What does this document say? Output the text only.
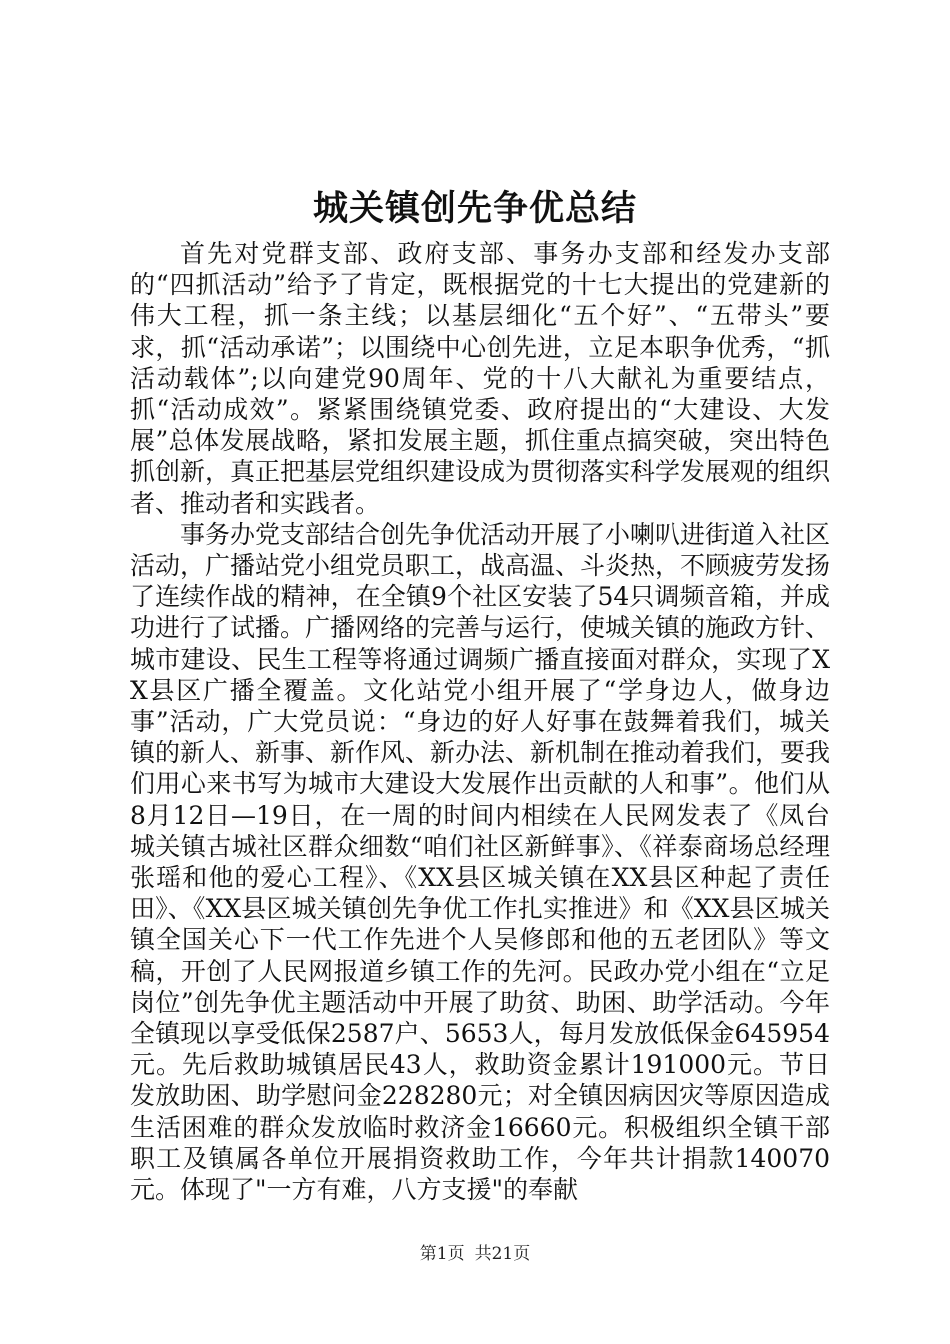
城关镇创先争优总结

首先对党群支部、政府支部、事务办支部和经发办支部的“四抓活动”给予了肯定，既根据党的十七大提出的党建新的伟大工程，抓一条主线；以基层细化“五个好”、“五带头”要求，抓“活动承诺”；以围绕中心创先进，立足本职争优秀，“抓活动载体”;以向建党90周年、党的十八大献礼为重要结点，抓“活动成效”。紧紧围绕镇党委、政府提出的“大建设、大发展”总体发展战略，紧扣发展主题，抓住重点搞突破，突出特色抓创新，真正把基层党组织建设成为贯彻落实科学发展观的组织者、推动者和实践者。

事务办党支部结合创先争优活动开展了小喇叭进街道入社区活动，广播站党小组党员职工，战高温、斗炎热，不顾疲劳发扬了连续作战的精神，在全镇9个社区安装了54只调频音箱，并成功进行了试播。广播网络的完善与运行，使城关镇的施政方针、城市建设、民生工程等将通过调频广播直接面对群众，实现了XX县区广播全覆盖。文化站党小组开展了“学身边人，做身边事”活动，广大党员说：“身边的好人好事在鼓舞着我们，城关镇的新人、新事、新作风、新办法、新机制在推动着我们，要我们用心来书写为城市大建设大发展作出贡献的人和事”。他们从8月12日—19日，在一周的时间内相续在人民网发表了《凤台城关镇古城社区群众细数“咱们社区新鲜事》、《祥泰商场总经理张瑶和他的爱心工程》、《XX县区城关镇在XX县区种起了责任田》、《XX县区城关镇创先争优工作扎实推进》和《XX县区城关镇全国关心下一代工作先进个人吴修郎和他的五老团队》等文稿，开创了人民网报道乡镇工作的先河。民政办党小组在“立足岗位”创先争优主题活动中开展了助贫、助困、助学活动。今年全镇现以享受低保2587户、5653人，每月发放低保金645954元。先后救助城镇居民43人，救助资金累计191000元。节日发放助困、助学慰问金228280元；对全镇因病因灾等原因造成生活困难的群众发放临时救济金16660元。积极组织全镇干部职工及镇属各单位开展捐资救助工作，今年共计捐款140070元。体现了"一方有难，八方支援"的奉献

第1页 共21页
